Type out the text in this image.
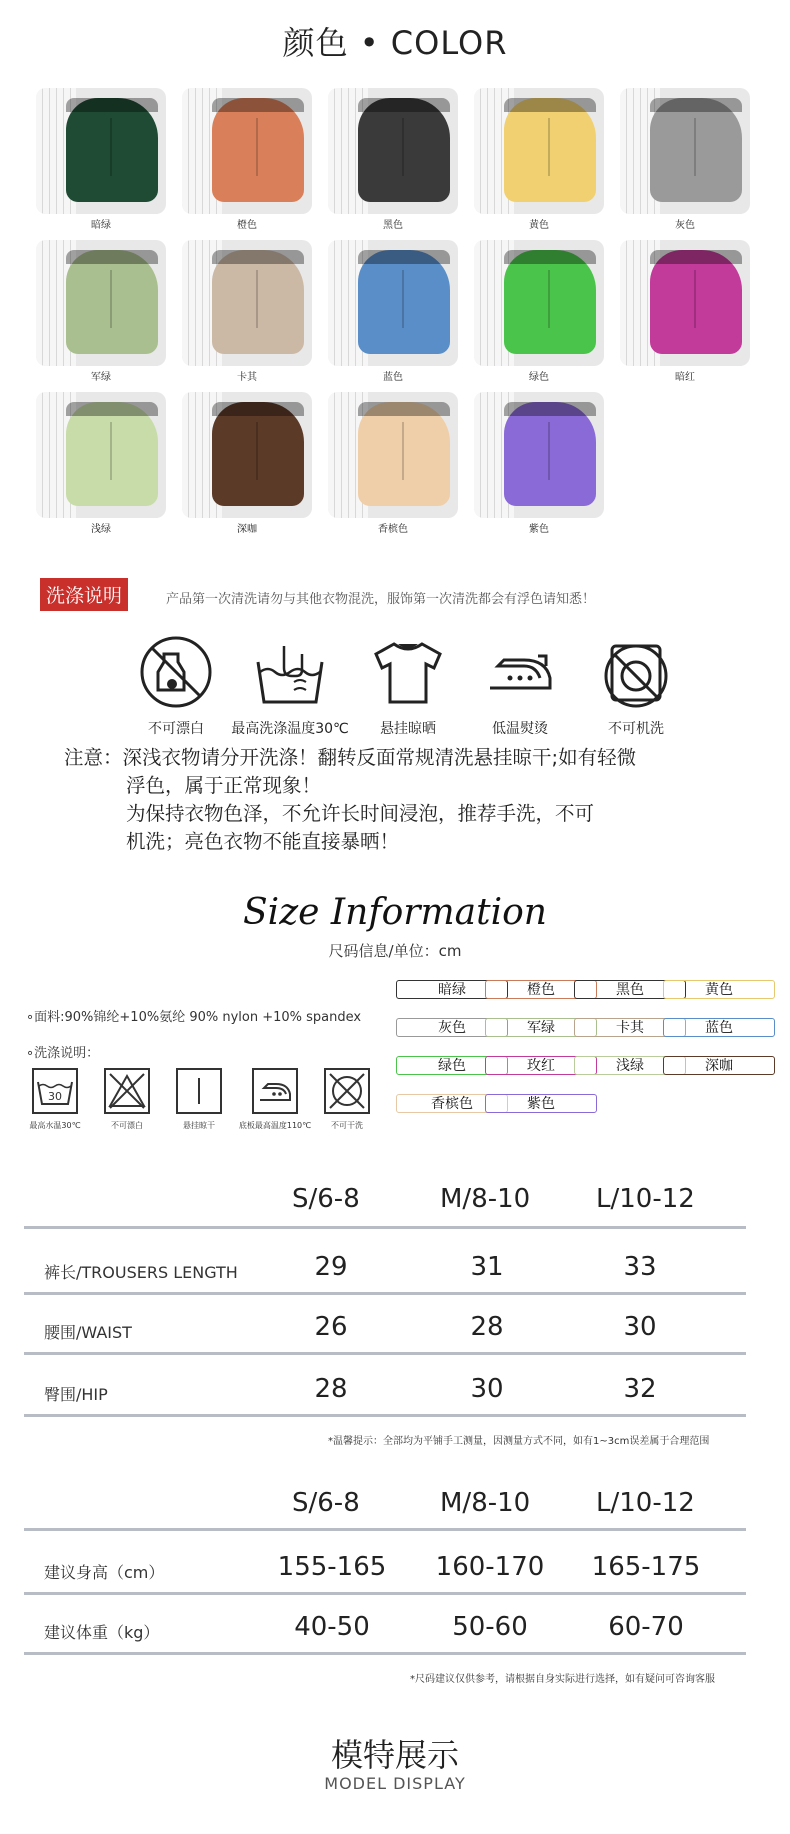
颜色 • COLOR
暗绿	橙色	黑色	黄色	灰色
军绿	卡其	蓝色	绿色	暗红
浅绿	深咖	香槟色	紫色
洗涤说明	产品第一次清洗请勿与其他衣物混洗，服饰第一次清洗都会有浮色请知悉！
不可漂白	最高洗涤温度30℃	悬挂晾晒	低温熨烫	不可机洗
注意：深浅衣物请分开洗涤！翻转反面常规清洗悬挂晾干;如有轻微
浮色，属于正常现象！
为保持衣物色泽，不允许长时间浸泡，推荐手洗，不可
机洗；亮色衣物不能直接暴晒！
Size Information
尺码信息/单位：cm
∘面料:90%锦纶+10%氨纶 90% nylon +10% spandex
∘洗涤说明：
30
最高水温30℃	不可漂白	悬挂晾干	底板最高温度110℃	不可干洗
暗绿	橙色	黑色	黄色
灰色	军绿	卡其	蓝色
绿色	玫红	浅绿	深咖
香槟色	紫色
S/6-8	M/8-10	L/10-12
裤长/TROUSERS LENGTH	29	31	33
腰围/WAIST	26	28	30
臀围/HIP	28	30	32
*温馨提示：全部均为平铺手工测量，因测量方式不同，如有1~3cm误差属于合理范围
S/6-8	M/8-10	L/10-12
建议身高（cm）	155-165	160-170	165-175
建议体重（kg）	40-50	50-60	60-70
*尺码建议仅供参考，请根据自身实际进行选择，如有疑问可咨询客服
模特展示
MODEL DISPLAY
